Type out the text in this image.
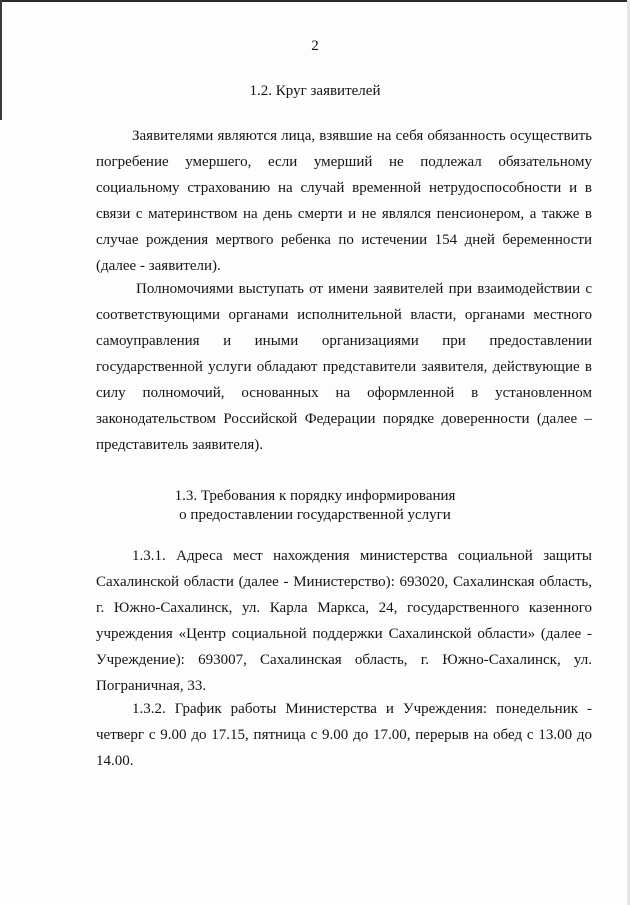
2
1.2. Круг заявителей
Заявителями являются лица, взявшие на себя обязанность осуществить
погребение умершего, если умерший не подлежал обязательному
социальному страхованию на случай временной нетрудоспособности и в
связи с материнством на день смерти и не являлся пенсионером, а также в
случае рождения мертвого ребенка по истечении 154 дней беременности
(далее - заявители).
Полномочиями выступать от имени заявителей при взаимодействии с
соответствующими органами исполнительной власти, органами местного
самоуправления и иными организациями при предоставлении
государственной услуги обладают представители заявителя, действующие в
силу полномочий, основанных на оформленной в установленном
законодательством Российской Федерации порядке доверенности (далее –
представитель заявителя).
1.3. Требования к порядку информирования
о предоставлении государственной услуги
1.3.1. Адреса мест нахождения министерства социальной защиты
Сахалинской области (далее - Министерство): 693020, Сахалинская область,
г. Южно-Сахалинск, ул. Карла Маркса, 24, государственного казенного
учреждения «Центр социальной поддержки Сахалинской области» (далее -
Учреждение): 693007, Сахалинская область, г. Южно-Сахалинск, ул.
Пограничная, 33.
1.3.2. График работы Министерства и Учреждения: понедельник -
четверг с 9.00 до 17.15, пятница с 9.00 до 17.00, перерыв на обед с 13.00 до
14.00.
